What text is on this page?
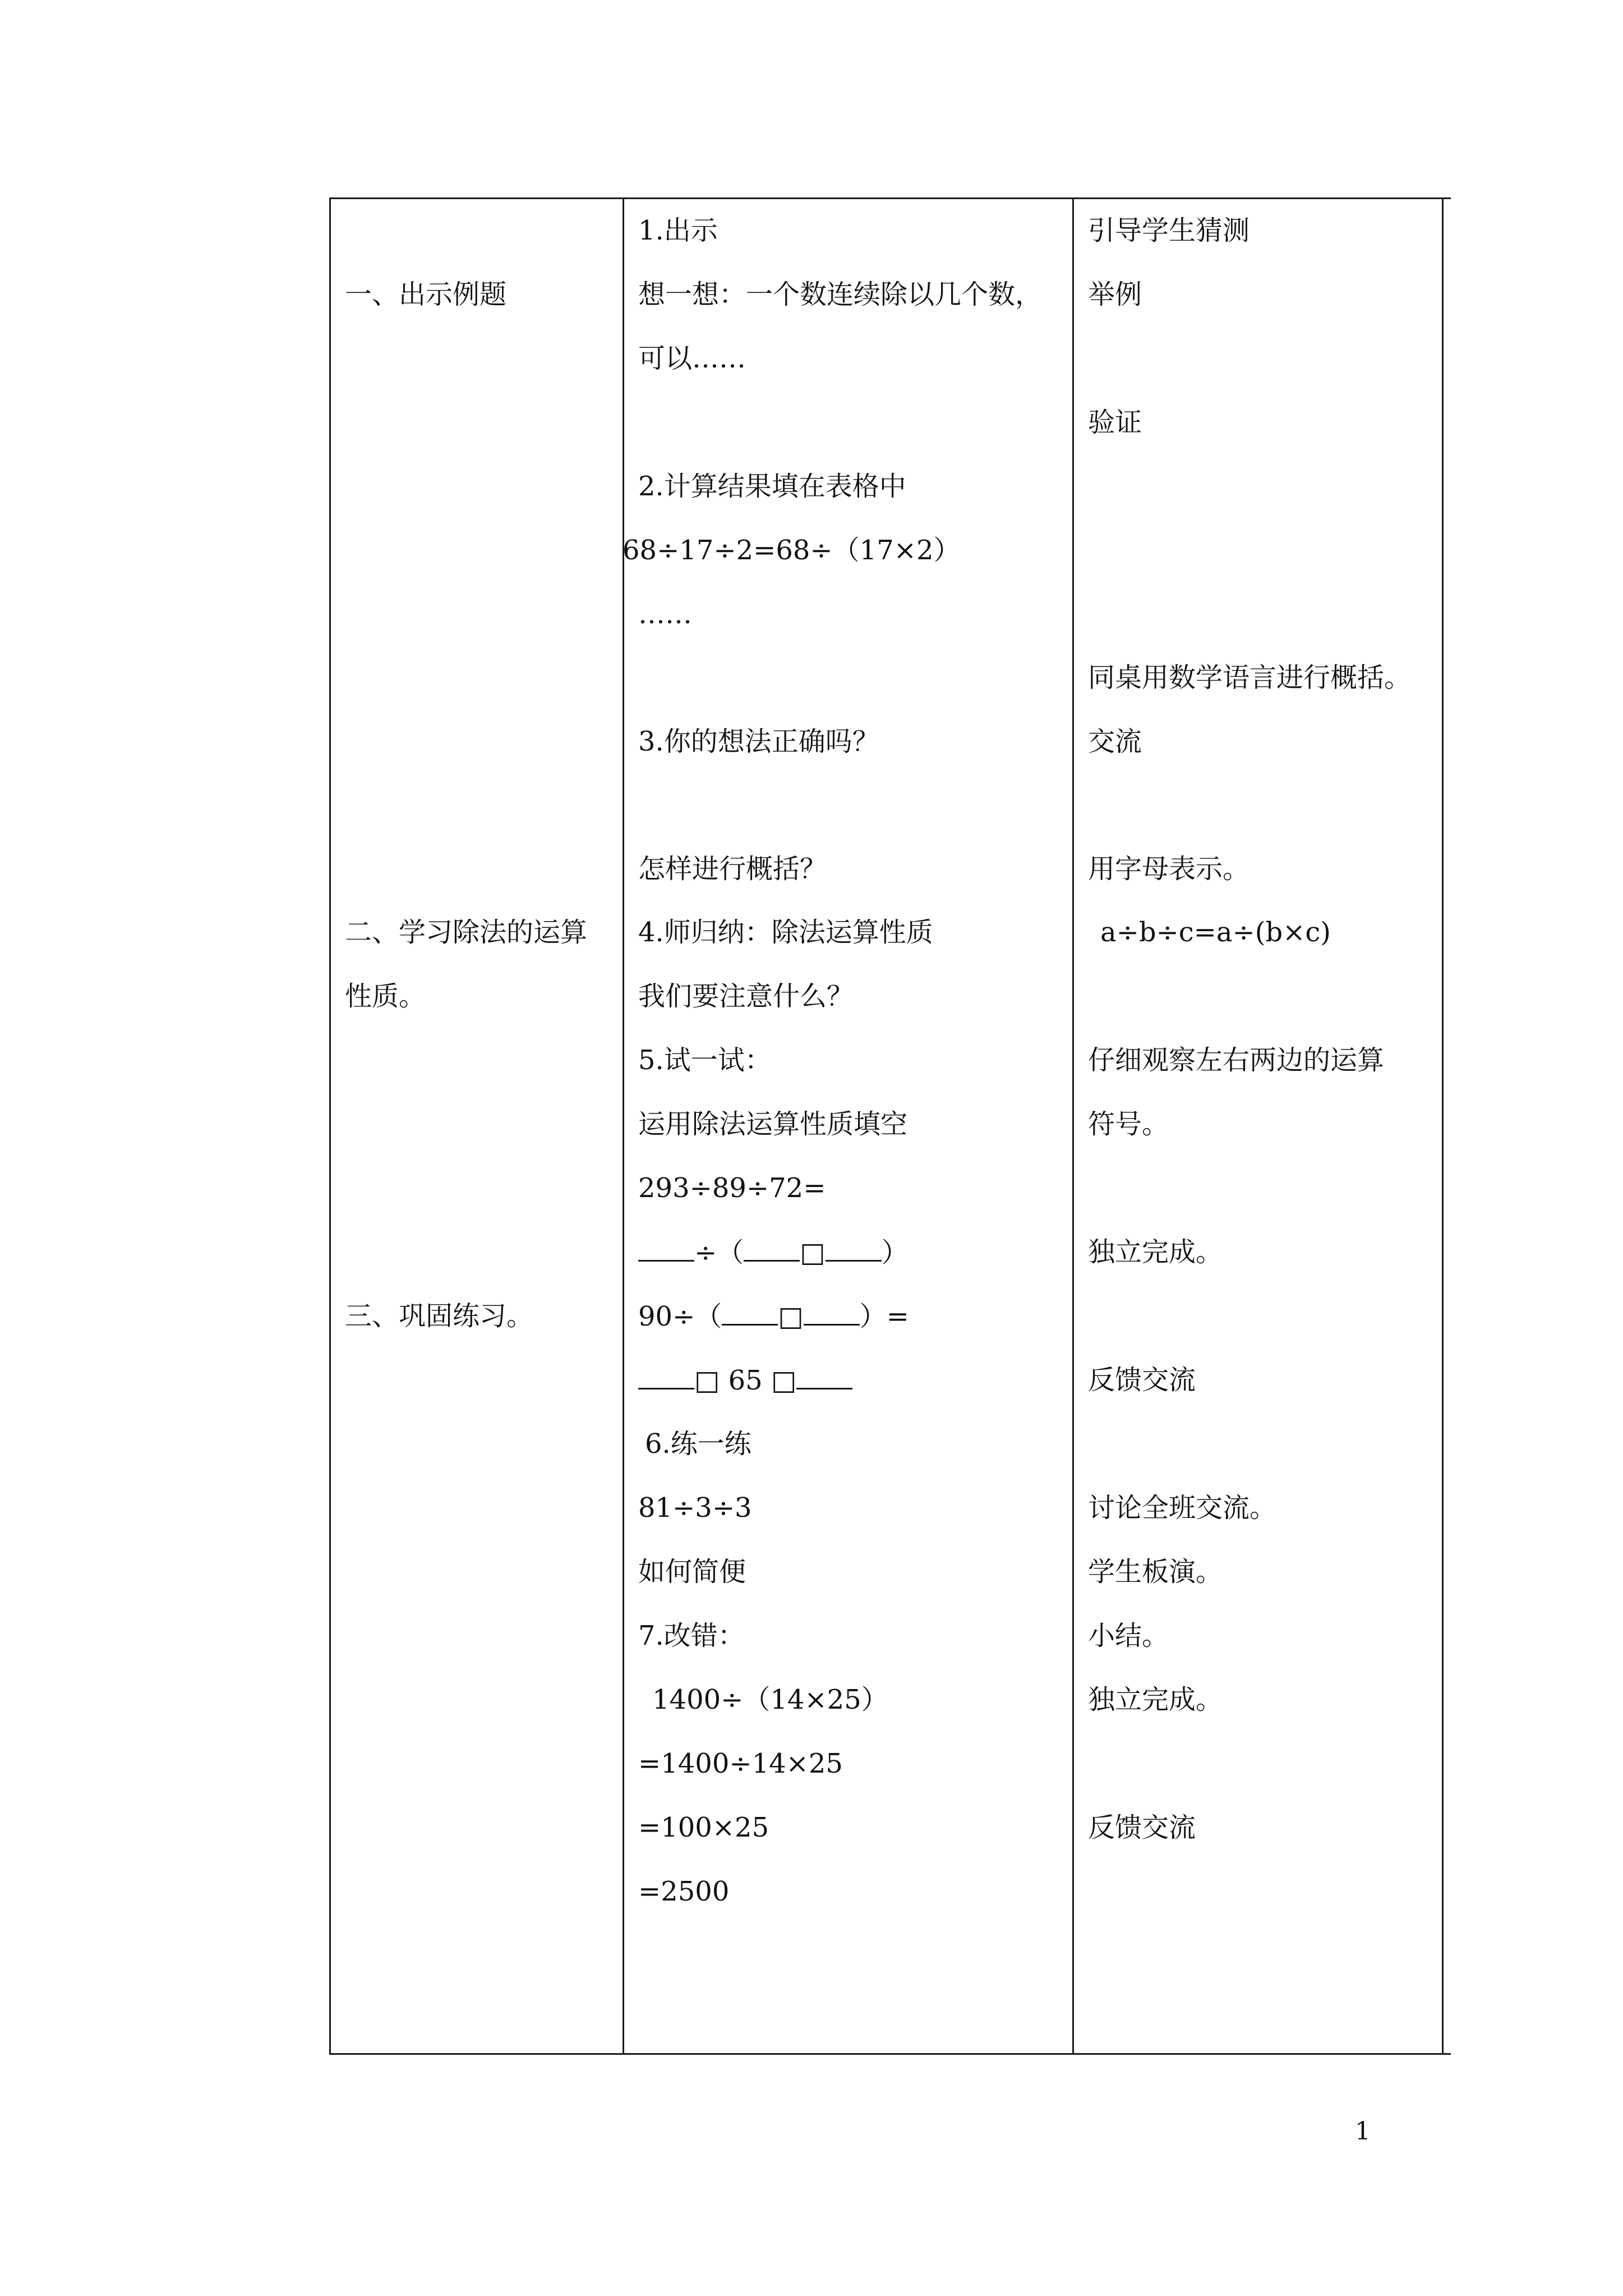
一、出示例题
二、学习除法的运算
性质。
三、巩固练习。
1.出示
想一想：一个数连续除以几个数，
可以……
2.计算结果填在表格中
68÷17÷2=68÷（17×2）
……
3.你的想法正确吗？
怎样进行概括？
4.师归纳：除法运算性质
我们要注意什么？
5.试一试：
运用除法运算性质填空
293÷89÷72=
÷（ □ ）
90÷（ □ ）=
□ 65 □
6.练一练
81÷3÷3
如何简便
7.改错：
1400÷（14×25）
=1400÷14×25
=100×25
=2500
引导学生猜测
举例
验证
同桌用数学语言进行概括。
交流
用字母表示。
a÷b÷c=a÷(b×c)
仔细观察左右两边的运算
符号。
独立完成。
反馈交流
讨论全班交流。
学生板演。
小结。
独立完成。
反馈交流
1
